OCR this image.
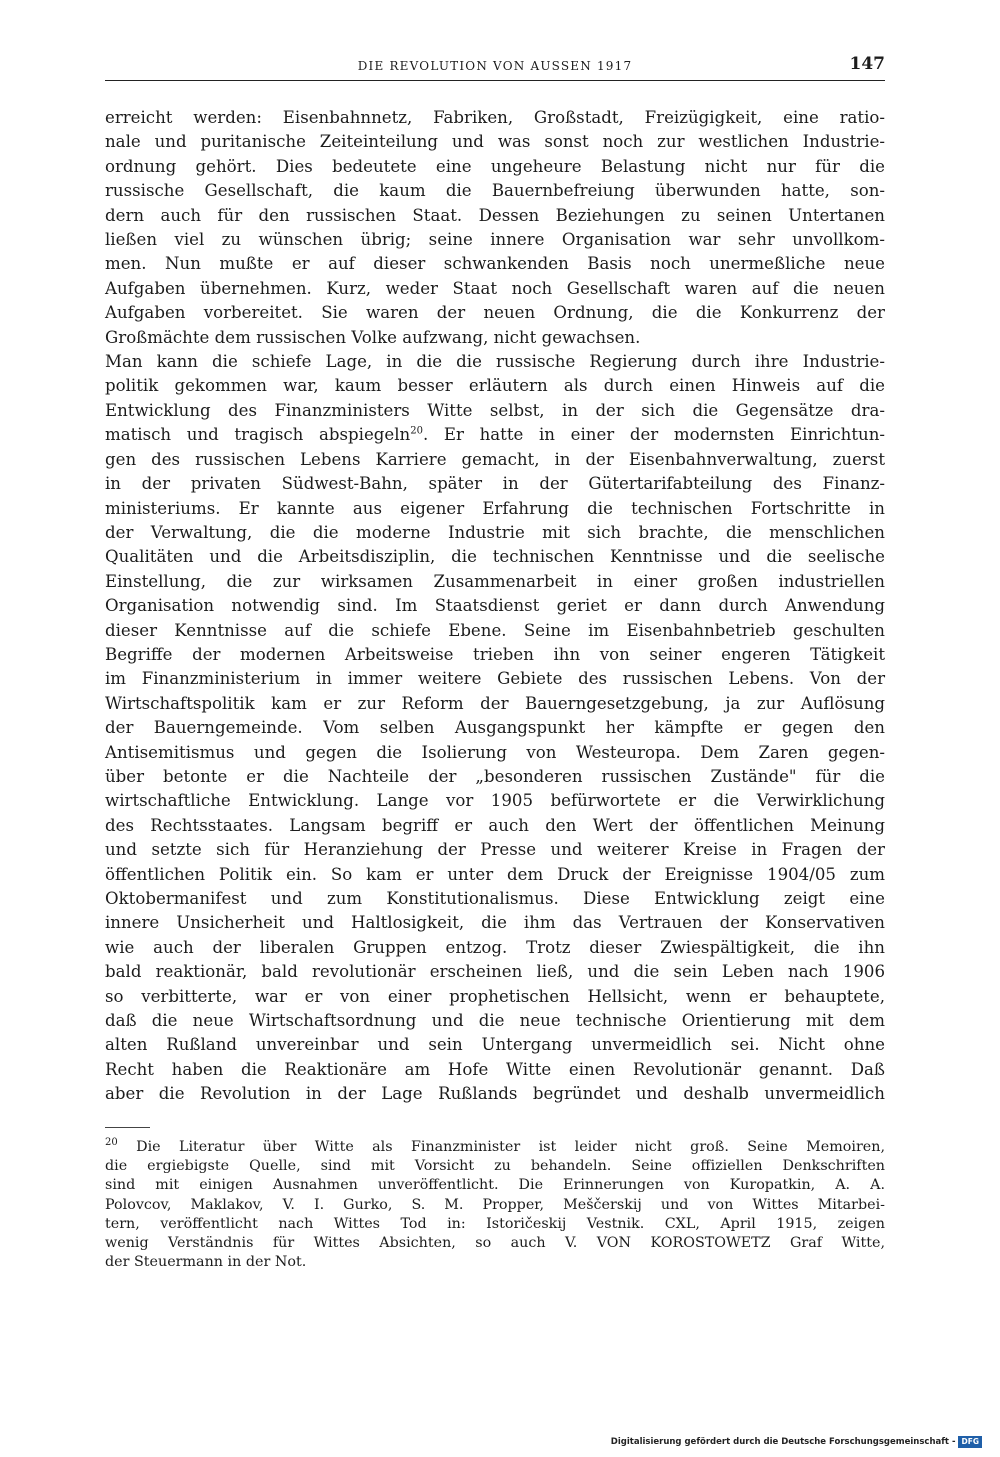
DIE REVOLUTION VON AUSSEN 1917	147
erreicht werden: Eisenbahnnetz, Fabriken, Großstadt, Freizügigkeit, eine ratio-
nale und puritanische Zeiteinteilung und was sonst noch zur westlichen Industrie-
ordnung gehört. Dies bedeutete eine ungeheure Belastung nicht nur für die
russische Gesellschaft, die kaum die Bauernbefreiung überwunden hatte, son-
dern auch für den russischen Staat. Dessen Beziehungen zu seinen Untertanen
ließen viel zu wünschen übrig; seine innere Organisation war sehr unvollkom-
men. Nun mußte er auf dieser schwankenden Basis noch unermeßliche neue
Aufgaben übernehmen. Kurz, weder Staat noch Gesellschaft waren auf die neuen
Aufgaben vorbereitet. Sie waren der neuen Ordnung, die die Konkurrenz der
Großmächte dem russischen Volke aufzwang, nicht gewachsen.
Man kann die schiefe Lage, in die die russische Regierung durch ihre Industrie-
politik gekommen war, kaum besser erläutern als durch einen Hinweis auf die
Entwicklung des Finanzministers Witte selbst, in der sich die Gegensätze dra-
matisch und tragisch abspiegeln$^{20}$. Er hatte in einer der modernsten Einrichtun-
gen des russischen Lebens Karriere gemacht, in der Eisenbahnverwaltung, zuerst
in der privaten Südwest-Bahn, später in der Gütertarifabteilung des Finanz-
ministeriums. Er kannte aus eigener Erfahrung die technischen Fortschritte in
der Verwaltung, die die moderne Industrie mit sich brachte, die menschlichen
Qualitäten und die Arbeitsdisziplin, die technischen Kenntnisse und die seelische
Einstellung, die zur wirksamen Zusammenarbeit in einer großen industriellen
Organisation notwendig sind. Im Staatsdienst geriet er dann durch Anwendung
dieser Kenntnisse auf die schiefe Ebene. Seine im Eisenbahnbetrieb geschulten
Begriffe der modernen Arbeitsweise trieben ihn von seiner engeren Tätigkeit
im Finanzministerium in immer weitere Gebiete des russischen Lebens. Von der
Wirtschaftspolitik kam er zur Reform der Bauerngesetzgebung, ja zur Auflösung
der Bauerngemeinde. Vom selben Ausgangspunkt her kämpfte er gegen den
Antisemitismus und gegen die Isolierung von Westeuropa. Dem Zaren gegen-
über betonte er die Nachteile der „besonderen russischen Zustände" für die
wirtschaftliche Entwicklung. Lange vor 1905 befürwortete er die Verwirklichung
des Rechtsstaates. Langsam begriff er auch den Wert der öffentlichen Meinung
und setzte sich für Heranziehung der Presse und weiterer Kreise in Fragen der
öffentlichen Politik ein. So kam er unter dem Druck der Ereignisse 1904/05 zum
Oktobermanifest und zum Konstitutionalismus. Diese Entwicklung zeigt eine
innere Unsicherheit und Haltlosigkeit, die ihm das Vertrauen der Konservativen
wie auch der liberalen Gruppen entzog. Trotz dieser Zwiespältigkeit, die ihn
bald reaktionär, bald revolutionär erscheinen ließ, und die sein Leben nach 1906
so verbitterte, war er von einer prophetischen Hellsicht, wenn er behauptete,
daß die neue Wirtschaftsordnung und die neue technische Orientierung mit dem
alten Rußland unvereinbar und sein Untergang unvermeidlich sei. Nicht ohne
Recht haben die Reaktionäre am Hofe Witte einen Revolutionär genannt. Daß
aber die Revolution in der Lage Rußlands begründet und deshalb unvermeidlich
$^{20}$ Die Literatur über Witte als Finanzminister ist leider nicht groß. Seine Memoiren,
die ergiebigste Quelle, sind mit Vorsicht zu behandeln. Seine offiziellen Denkschriften
sind mit einigen Ausnahmen unveröffentlicht. Die Erinnerungen von Kuropatkin, A. A.
Polovcov, Maklakov, V. I. Gurko, S. M. Propper, Meščerskij und von Wittes Mitarbei-
tern, veröffentlicht nach Wittes Tod in: Istoričeskij Vestnik. CXL, April 1915, zeigen
wenig Verständnis für Wittes Absichten, so auch V. VON KOROSTOWETZ Graf Witte,
der Steuermann in der Not.
Digitalisierung gefördert durch die Deutsche Forschungsgemeinschaft - DFG
